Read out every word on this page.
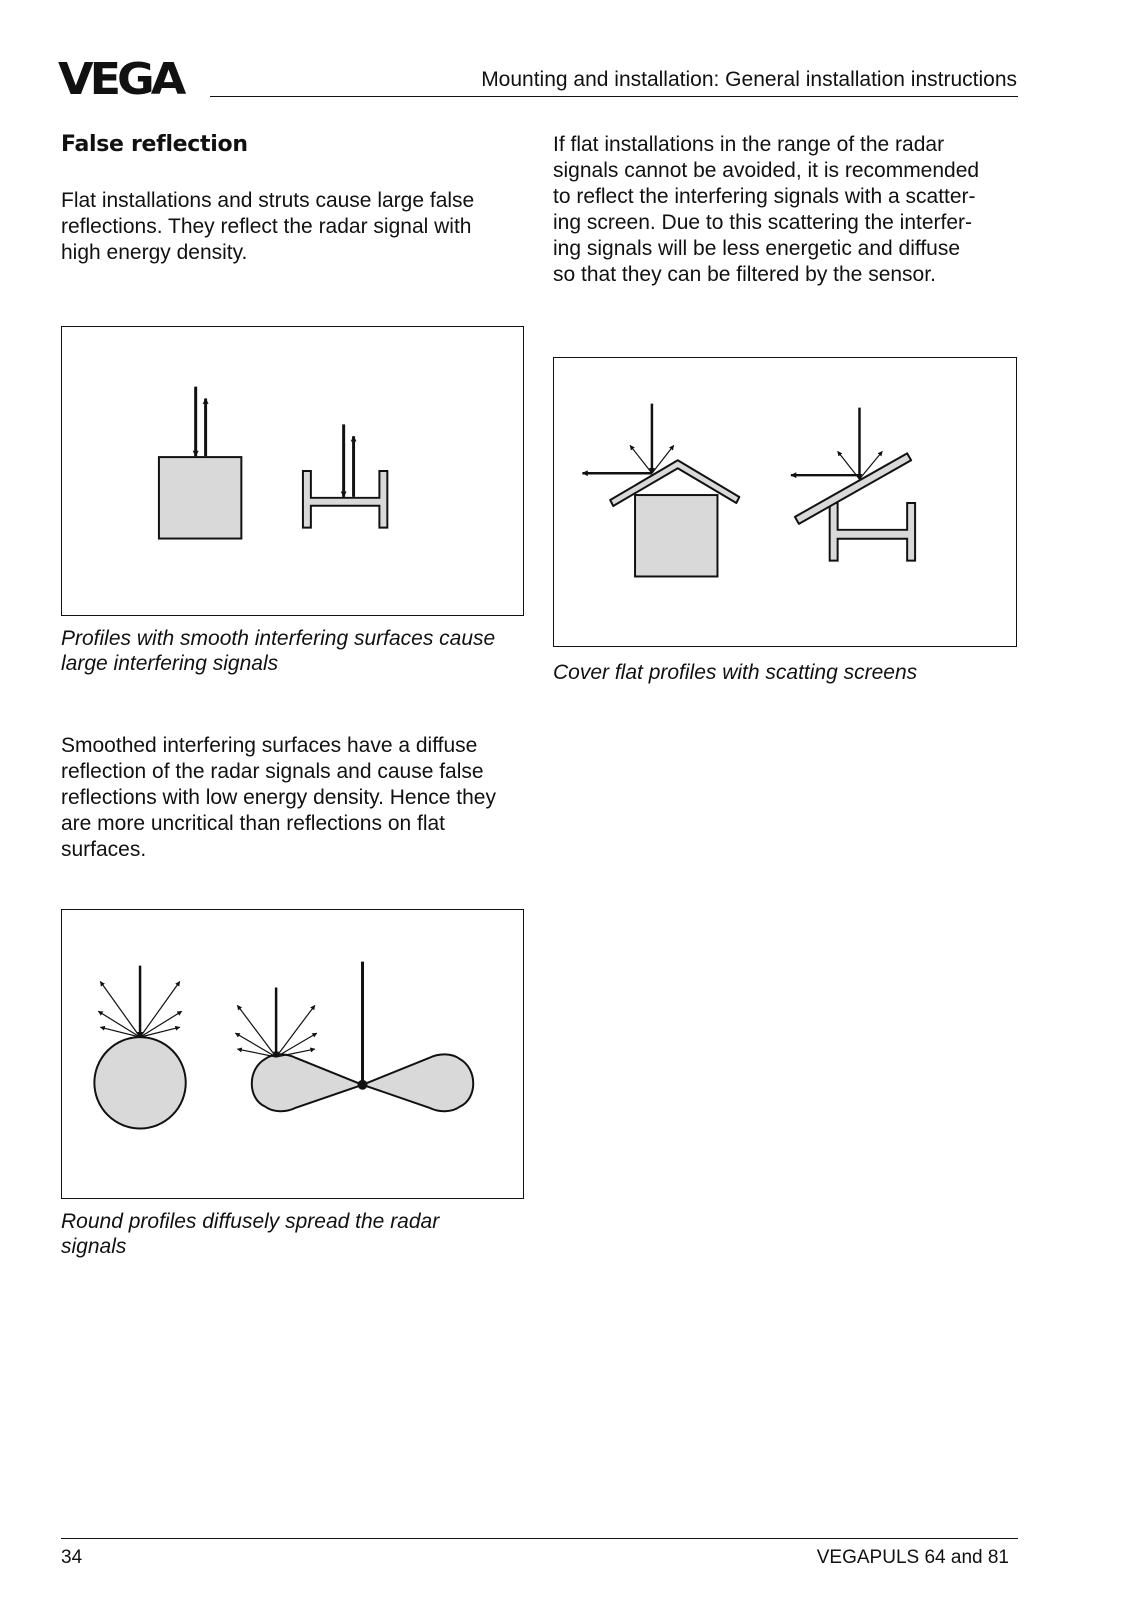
VEGA	Mounting and installation: General installation instructions
False reflection
Flat installations and struts cause large false
reflections. They reflect the radar signal with
high energy density.
Profiles with smooth interfering surfaces cause
large interfering signals
Smoothed interfering surfaces have a diffuse
reflection of the radar signals and cause false
reflections with low energy density. Hence they
are more uncritical than reflections on flat
surfaces.
Round profiles diffusely spread the radar
signals
If flat installations in the range of the radar
signals cannot be avoided, it is recommended
to reflect the interfering signals with a scatter-
ing screen. Due to this scattering the interfer-
ing signals will be less energetic and diffuse
so that they can be filtered by the sensor.
Cover flat profiles with scatting screens
34	VEGAPULS 64 and 81
